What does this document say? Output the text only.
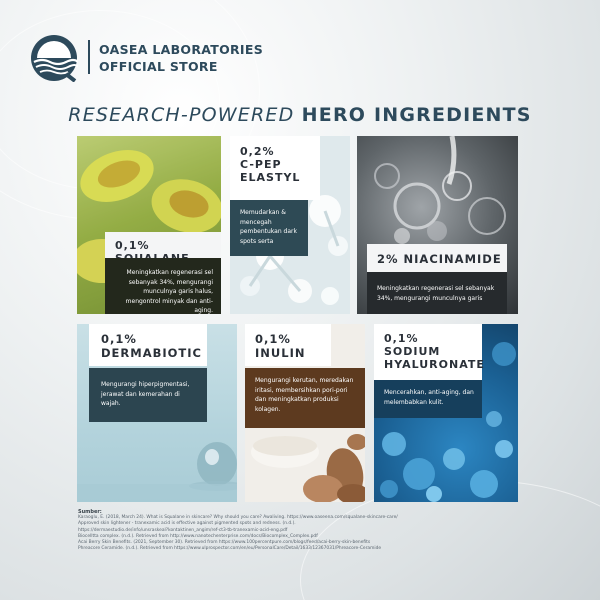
OASEA LABORATORIES
OFFICIAL STORE
RESEARCH-POWERED HERO INGREDIENTS
0,1%
Meningkatkan regenerasi sel sebanyak 34%, mengurangi munculnya garis halus, mengontrol minyak dan anti-aging.
0,2%
C-PEP
ELASTYL
Memudarkan & mencegah pembentukan dark spots serta
2% NIACINAMIDE
Meningkatkan regenerasi sel sebanyak 34%, mengurangi munculnya garis
0,1%
DERMABIOTIC
Mengurangi hiperpigmentasi, jerawat dan kemerahan di wajah.
0,1%
INULIN
Mengurangi kerutan, meredakan iritasi, membersihkan pori-pori dan meningkatkan produksi kolagen.
0,1%
SODIUM
HYALURONATE
Mencerahkan, anti-aging, dan melembabkan kulit.
Sumber:
Karaoglu, E. (2018, March 24). What is Squalane in skincare? Why should you care? Awaliving. https://www.oaseena.com/squalane-skincare-care/
Approved skin lightener - tranexamic acid is effective against pigmented spots and redness. (n.d.).
https://dermaestudio.de/info/unsraskeal?kontaktinen_angim/ref-ct3-tb-tranexamic-acid-eng.pdf
Biocelltta complex. (n.d.). Retrieved from http://www.nanotechenterprise.com/docs/Biocomplex_Complex.pdf
Acai Berry Skin Benefits. (2021, September 30). Retrieved from https://www.100percentpure.com/blogs/feed/acai-berry-skin-benefits
Phreacore Ceramide. (n.d.). Retrieved from https://www.ulprospector.com/en/eu/PersonalCare/Detail/1633/12367031/Phreacore-Ceramide
